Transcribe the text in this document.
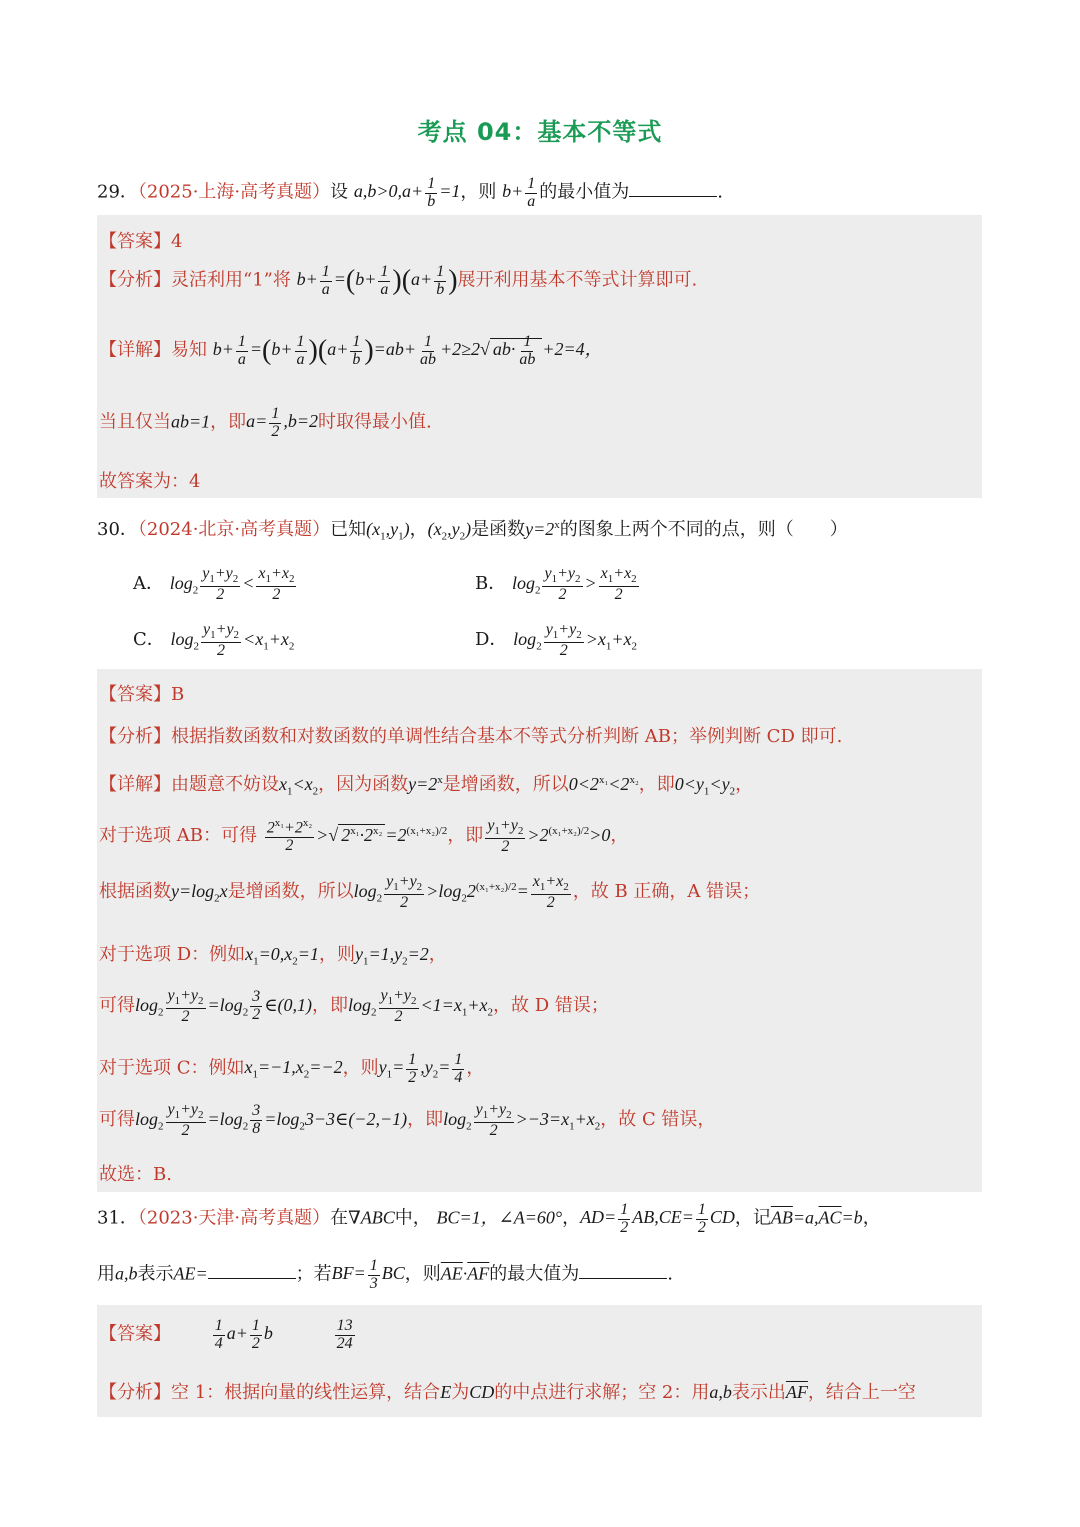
考点 04：基本不等式
29．（2025·上海·高考真题）设 $a,b>0,a+ \frac{1}{b} =1$，则 $b+ \frac{1}{a}$ 的最小值为	.
【答案】4
【分析】灵活利用“1”将 $b+ \frac{1}{a} =(b+ \frac{1}{a} )(a+ \frac{1}{b}$ )展开利用基本不等式计算即可.
【详解】易知 $b+ \frac{1}{a} =(b+ \frac{1}{a} )(a+ \frac{1}{b} )=ab+ \frac{1}{ab} +2\ge 2√$ $ab\cdot \frac{1}{ab} +2=4$，
当且仅当ab=1，即$a= \frac{1}{2} ,b=2$时取得最小值.
故答案为：4
30．（2024·北京·高考真题）已知$(x_1,y_1)$，$(x_2,y_2)$是函数$y=2^x$的图象上两个不同的点，则（　　）
A． $\log_2 \frac{y_1+y_2}{2} < \frac{x_1+x_2}{2}$	B． $\log_2 \frac{y_1+y_2}{2} > \frac{x_1+x_2}{2}$
C． $\log_2 \frac{y_1+y_2}{2} <x_1+x_2$	D． $\log_2 \frac{y_1+y_2}{2} >x_1+x_2$
【答案】B
【分析】根据指数函数和对数函数的单调性结合基本不等式分析判断 AB；举例判断 CD 即可.
【详解】由题意不妨设$x_1<x_2$，因为函数$y=2^x$是增函数，所以$0<2^{x_1}<2^{x_2}$，即$0<y_1<y_2$，
对于选项 AB：可得 $\frac{2^{x_1}+2^{x_2}}{2}$ >√ $2^{x_1}\cdot 2^{x_2} =2^{(x_1+x_2)/2}$，即 $\frac{y_1+y_2}{2} >2^{(x_1+x_2)/2}>0$，
根据函数$y=\log_2x$是增函数，所以$\log_2 \frac{y_1+y_2}{2} >\log_22^{(x_1+x_2)/2}= \frac{x_1+x_2}{2}$ ，故 B 正确，A 错误；
对于选项 D：例如$x_1=0,x_2=1$，则$y_1=1,y_2=2$，
可得$\log_2 \frac{y_1+y_2}{2} =\log_2 \frac{3}{2}$ ∈(0,1)，即$\log_2 \frac{y_1+y_2}{2} <1=x_1+x_2$，故 D 错误；
对于选项 C：例如$x_1=-1,x_2=-2$，则$y_1= \frac{1}{2} ,y_2= \frac{1}{4}$ ，
可得$\log_2 \frac{y_1+y_2}{2} =\log_2 \frac{3}{8}$ $=\log_23-3\in(-2,-1)$，即$\log_2 \frac{y_1+y_2}{2} >-3=x_1+x_2$，故 C 错误，
故选：B.
31．（2023·天津·高考真题）在∇ABC中， BC=1，∠A=60°，$AD= \frac{1}{2} AB,CE= \frac{1}{2}$ CD，记$\overline{AB}=a,\overline{AC}=b$，
用a,b表示AE=	；若$BF= \frac{1}{3}$ BC，则$\overline{AE}\cdot\overline{AF}$的最大值为	.
【答案】	$\frac{1}{4} a+ \frac{1}{2}$ b	$\frac{13}{24}$
【分析】空 1：根据向量的线性运算，结合E为CD的中点进行求解；空 2：用a,b表示出$\overline{AF}$，结合上一空
